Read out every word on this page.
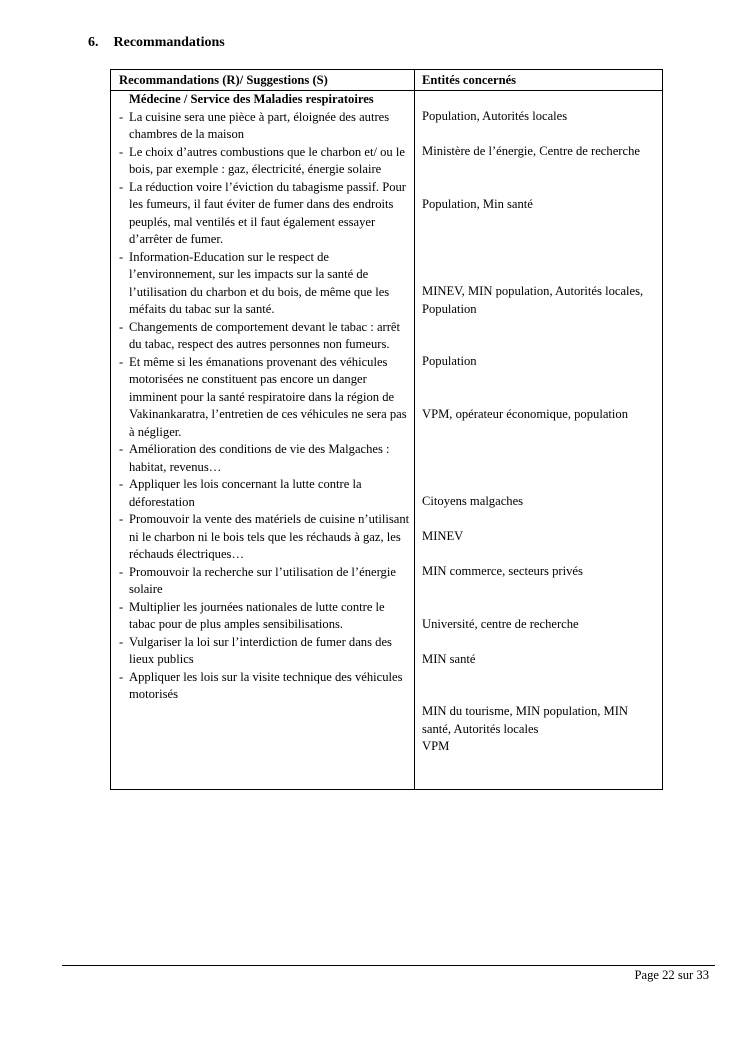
6. Recommandations
Recommandations (R)/ Suggestions (S)	Entités concernés
Médecine / Service des Maladies respiratoires
- La cuisine sera une pièce à part, éloignée des autres chambres de la maison
- Le choix d’autres combustions que le charbon et/ ou le bois, par exemple : gaz, électricité, énergie solaire
- La réduction voire l’éviction du tabagisme passif. Pour les fumeurs, il faut éviter de fumer dans des endroits peuplés, mal ventilés et il faut également essayer d’arrêter de fumer.
- Information-Education sur le respect de l’environnement, sur les impacts sur la santé de l’utilisation du charbon et du bois, de même que les méfaits du tabac sur la santé.
- Changements de comportement devant le tabac : arrêt du tabac, respect des autres personnes non fumeurs.
- Et même si les émanations provenant des véhicules motorisées ne constituent pas encore un danger imminent pour la santé respiratoire dans la région de Vakinankaratra, l’entretien de ces véhicules ne sera pas à négliger.
- Amélioration des conditions de vie des Malgaches : habitat, revenus…
- Appliquer les lois concernant la lutte contre la déforestation
- Promouvoir la vente des matériels de cuisine n’utilisant ni le charbon ni le bois tels que les réchauds à gaz, les réchauds électriques…
- Promouvoir la recherche sur l’utilisation de l’énergie solaire
- Multiplier les journées nationales de lutte contre le tabac pour de plus amples sensibilisations.
- Vulgariser la loi sur l’interdiction de fumer dans des lieux publics
- Appliquer les lois sur la visite technique des véhicules motorisés
Population, Autorités locales
Ministère de l’énergie, Centre de recherche
Population, Min santé
MINEV, MIN population, Autorités locales, Population
Population
VPM, opérateur économique, population
Citoyens malgaches
MINEV
MIN commerce, secteurs privés
Université, centre de recherche
MIN santé
MIN du tourisme, MIN population, MIN santé, Autorités locales
VPM
Page 22 sur 33
